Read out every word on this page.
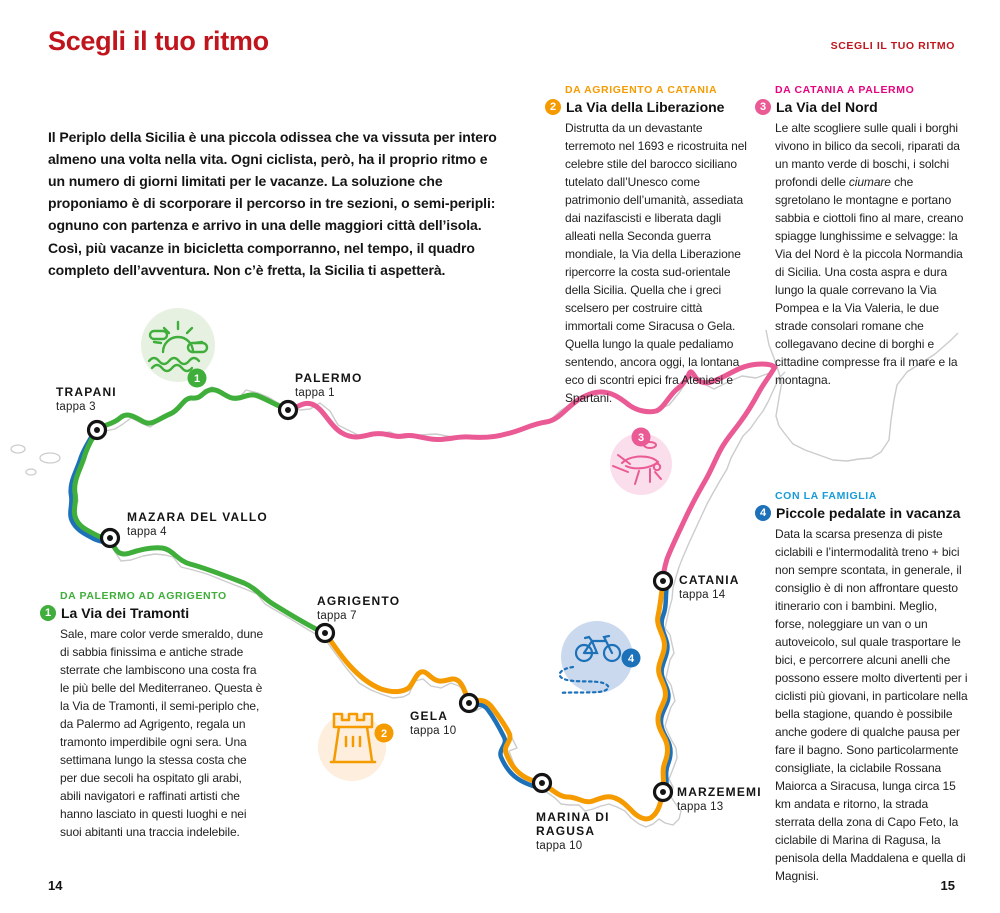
Scegli il tuo ritmo	SCEGLI IL TUO RITMO

Il Periplo della Sicilia è una piccola odissea che va vissuta per intero almeno una volta nella vita. Ogni ciclista, però, ha il proprio ritmo e un numero di giorni limitati per le vacanze. La soluzione che proponiamo è di scorporare il percorso in tre sezioni, o semi-peripli: ognuno con partenza e arrivo in una delle maggiori città dell’isola. Così, più vacanze in bicicletta comporranno, nel tempo, il quadro completo dell’avventura. Non c’è fretta, la Sicilia ti aspetterà.

1
2
3
4
TRAPANI
tappa 3
PALERMO
tappa 1
MAZARA DEL VALLO
tappa 4
AGRIGENTO
tappa 7
GELA
tappa 10
MARINA DI RAGUSA
tappa 10
MARZEMEMI
tappa 13
CATANIA
tappa 14
DA AGRIGENTO A CATANIA
2 La Via della Liberazione

Distrutta da un devastante terremoto nel 1693 e ricostruita nel celebre stile del barocco siciliano tutelato dall’Unesco come patrimonio dell’umanità, assediata dai nazifascisti e liberata dagli alleati nella Seconda guerra mondiale, la Via della Liberazione ripercorre la costa sud-orientale della Sicilia. Quella che i greci scelsero per costruire città immortali come Siracusa o Gela. Quella lungo la quale pedaliamo sentendo, ancora oggi, la lontana eco di scontri epici fra Ateniesi e Spartani.

DA CATANIA A PALERMO
3 La Via del Nord

Le alte scogliere sulle quali i borghi vivono in bilico da secoli, riparati da un manto verde di boschi, i solchi profondi delle ciumare che sgretolano le montagne e portano sabbia e ciottoli fino al mare, creano spiagge lunghissime e selvagge: la Via del Nord è la piccola Normandia di Sicilia. Una costa aspra e dura lungo la quale correvano la Via Pompea e la Via Valeria, le due strade consolari romane che collegavano decine di borghi e cittadine compresse fra il mare e la montagna.

DA PALERMO AD AGRIGENTO
1 La Via dei Tramonti

Sale, mare color verde smeraldo, dune di sabbia finissima e antiche strade sterrate che lambiscono una costa fra le più belle del Mediterraneo. Questa è la Via de Tramonti, il semi-periplo che, da Palermo ad Agrigento, regala un tramonto imperdibile ogni sera. Una settimana lungo la stessa costa che per due secoli ha ospitato gli arabi, abili navigatori e raffinati artisti che hanno lasciato in questi luoghi e nei suoi abitanti una traccia indelebile.

CON LA FAMIGLIA
4 Piccole pedalate in vacanza

Data la scarsa presenza di piste ciclabili e l’intermodalità treno + bici non sempre scontata, in generale, il consiglio è di non affrontare questo itinerario con i bambini. Meglio, forse, noleggiare un van o un autoveicolo, sul quale trasportare le bici, e percorrere alcuni anelli che possono essere molto divertenti per i ciclisti più giovani, in particolare nella bella stagione, quando è possibile anche godere di qualche pausa per fare il bagno. Sono particolarmente consigliate, la ciclabile Rossana Maiorca a Siracusa, lunga circa 15 km andata e ritorno, la strada sterrata della zona di Capo Feto, la ciclabile di Marina di Ragusa, la penisola della Maddalena e quella di Magnisi.

14	15
